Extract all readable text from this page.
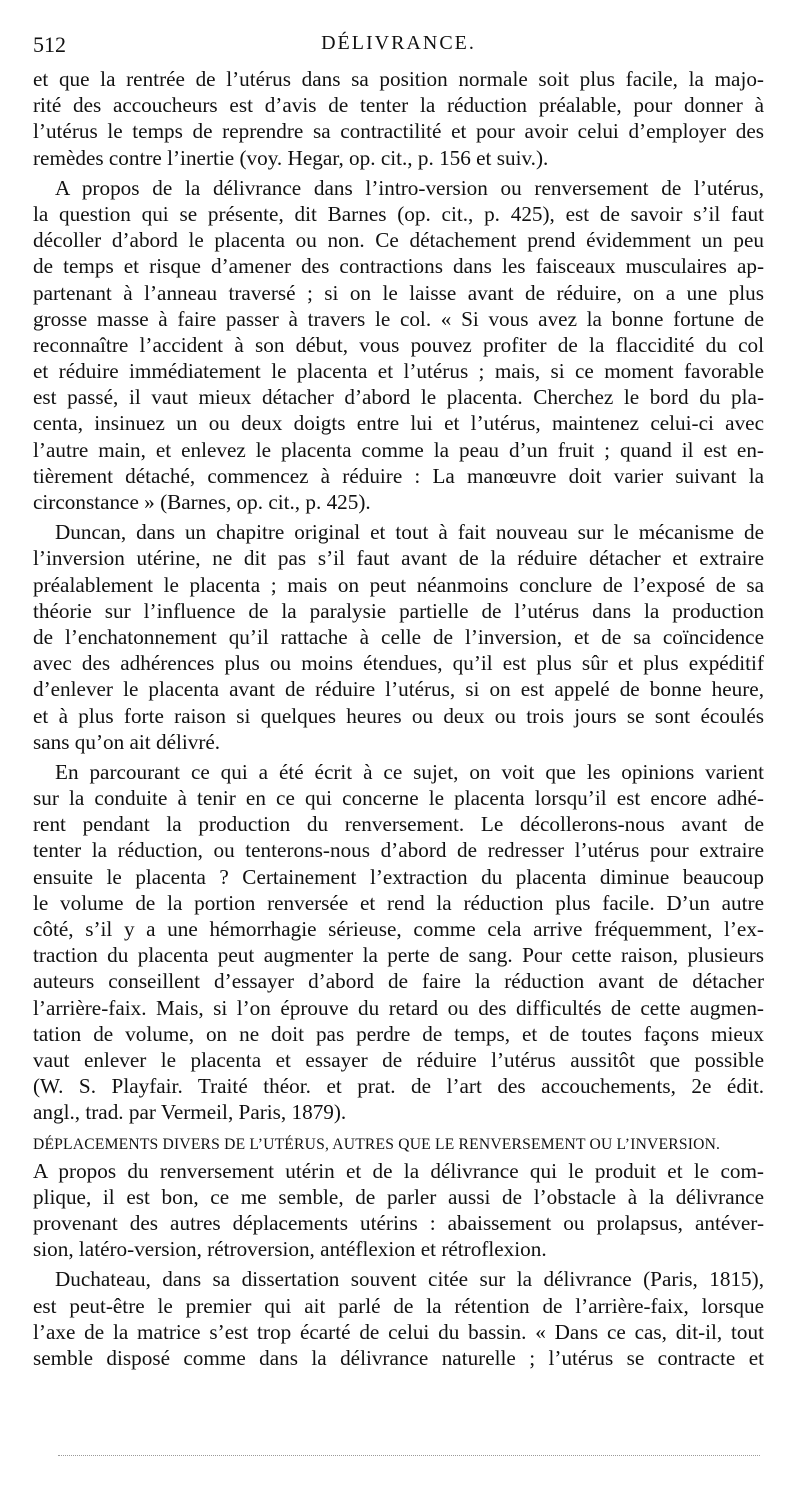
512	DÉLIVRANCE.
et que la rentrée de l’utérus dans sa position normale soit plus facile, la majo-
rité des accoucheurs est d’avis de tenter la réduction préalable, pour donner à
l’utérus le temps de reprendre sa contractilité et pour avoir celui d’employer des
remèdes contre l’inertie (voy. Hegar, op. cit., p. 156 et suiv.).
A propos de la délivrance dans l’intro-version ou renversement de l’utérus,
la question qui se présente, dit Barnes (op. cit., p. 425), est de savoir s’il faut
décoller d’abord le placenta ou non. Ce détachement prend évidemment un peu
de temps et risque d’amener des contractions dans les faisceaux musculaires ap-
partenant à l’anneau traversé ; si on le laisse avant de réduire, on a une plus
grosse masse à faire passer à travers le col. « Si vous avez la bonne fortune de
reconnaître l’accident à son début, vous pouvez profiter de la flaccidité du col
et réduire immédiatement le placenta et l’utérus ; mais, si ce moment favorable
est passé, il vaut mieux détacher d’abord le placenta. Cherchez le bord du pla-
centa, insinuez un ou deux doigts entre lui et l’utérus, maintenez celui-ci avec
l’autre main, et enlevez le placenta comme la peau d’un fruit ; quand il est en-
tièrement détaché, commencez à réduire : La manœuvre doit varier suivant la
circonstance » (Barnes, op. cit., p. 425).
Duncan, dans un chapitre original et tout à fait nouveau sur le mécanisme de
l’inversion utérine, ne dit pas s’il faut avant de la réduire détacher et extraire
préalablement le placenta ; mais on peut néanmoins conclure de l’exposé de sa
théorie sur l’influence de la paralysie partielle de l’utérus dans la production
de l’enchatonnement qu’il rattache à celle de l’inversion, et de sa coïncidence
avec des adhérences plus ou moins étendues, qu’il est plus sûr et plus expéditif
d’enlever le placenta avant de réduire l’utérus, si on est appelé de bonne heure,
et à plus forte raison si quelques heures ou deux ou trois jours se sont écoulés
sans qu’on ait délivré.
En parcourant ce qui a été écrit à ce sujet, on voit que les opinions varient
sur la conduite à tenir en ce qui concerne le placenta lorsqu’il est encore adhé-
rent pendant la production du renversement. Le décollerons-nous avant de
tenter la réduction, ou tenterons-nous d’abord de redresser l’utérus pour extraire
ensuite le placenta ? Certainement l’extraction du placenta diminue beaucoup
le volume de la portion renversée et rend la réduction plus facile. D’un autre
côté, s’il y a une hémorrhagie sérieuse, comme cela arrive fréquemment, l’ex-
traction du placenta peut augmenter la perte de sang. Pour cette raison, plusieurs
auteurs conseillent d’essayer d’abord de faire la réduction avant de détacher
l’arrière-faix. Mais, si l’on éprouve du retard ou des difficultés de cette augmen-
tation de volume, on ne doit pas perdre de temps, et de toutes façons mieux
vaut enlever le placenta et essayer de réduire l’utérus aussitôt que possible
(W. S. Playfair. Traité théor. et prat. de l’art des accouchements, 2e édit.
angl., trad. par Vermeil, Paris, 1879).
DÉPLACEMENTS DIVERS DE L’UTÉRUS, AUTRES QUE LE RENVERSEMENT OU L’INVERSION.
A propos du renversement utérin et de la délivrance qui le produit et le com-
plique, il est bon, ce me semble, de parler aussi de l’obstacle à la délivrance
provenant des autres déplacements utérins : abaissement ou prolapsus, antéver-
sion, latéro-version, rétroversion, antéflexion et rétroflexion.
Duchateau, dans sa dissertation souvent citée sur la délivrance (Paris, 1815),
est peut-être le premier qui ait parlé de la rétention de l’arrière-faix, lorsque
l’axe de la matrice s’est trop écarté de celui du bassin. « Dans ce cas, dit-il, tout
semble disposé comme dans la délivrance naturelle ; l’utérus se contracte et
